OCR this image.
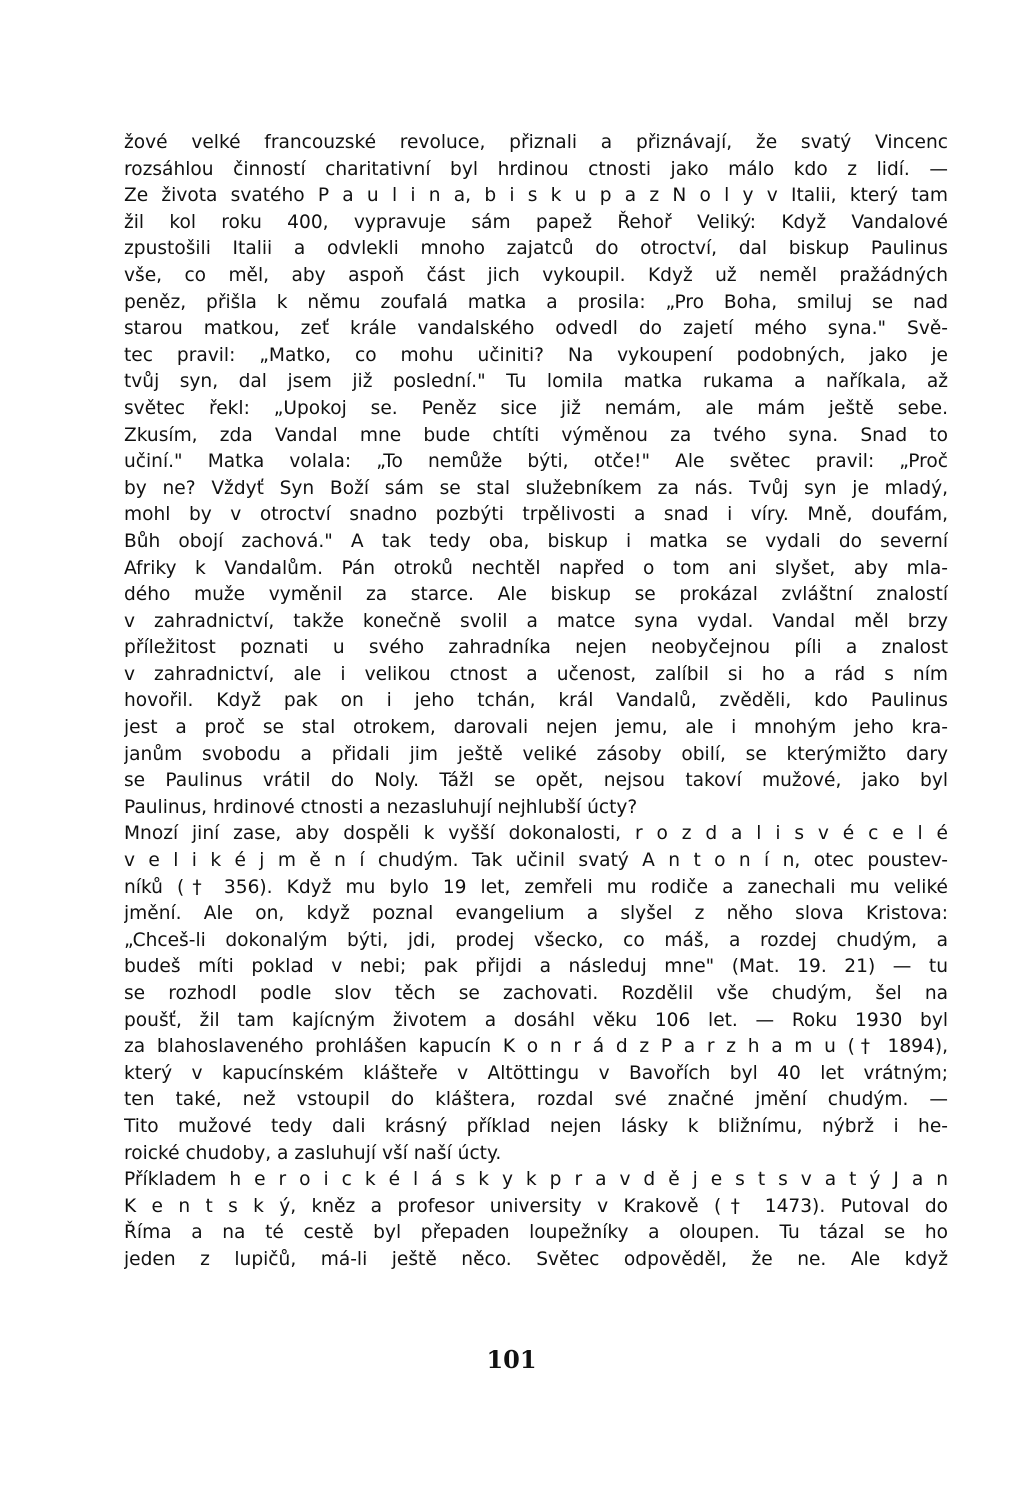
žové velké francouzské revoluce, přiznali a přiznávají, že svatý Vincenc
rozsáhlou činností charitativní byl hrdinou ctnosti jako málo kdo z lidí. —
Ze života svatého P a u l i n a, b i s k u p a z N o l y v Italii, který tam
žil kol roku 400, vypravuje sám papež Řehoř Veliký: Když Vandalové
zpustošili Italii a odvlekli mnoho zajatců do otroctví, dal biskup Paulinus
vše, co měl, aby aspoň část jich vykoupil. Když už neměl pražádných
peněz, přišla k němu zoufalá matka a prosila: „Pro Boha, smiluj se nad
starou matkou, zeť krále vandalského odvedl do zajetí mého syna." Svě-
tec pravil: „Matko, co mohu učiniti? Na vykoupení podobných, jako je
tvůj syn, dal jsem již poslední." Tu lomila matka rukama a naříkala, až
světec řekl: „Upokoj se. Peněz sice již nemám, ale mám ještě sebe.
Zkusím, zda Vandal mne bude chtíti výměnou za tvého syna. Snad to
učiní." Matka volala: „To nemůže býti, otče!" Ale světec pravil: „Proč
by ne? Vždyť Syn Boží sám se stal služebníkem za nás. Tvůj syn je mladý,
mohl by v otroctví snadno pozbýti trpělivosti a snad i víry. Mně, doufám,
Bůh obojí zachová." A tak tedy oba, biskup i matka se vydali do severní
Afriky k Vandalům. Pán otroků nechtěl napřed o tom ani slyšet, aby mla-
dého muže vyměnil za starce. Ale biskup se prokázal zvláštní znalostí
v zahradnictví, takže konečně svolil a matce syna vydal. Vandal měl brzy
příležitost poznati u svého zahradníka nejen neobyčejnou píli a znalost
v zahradnictví, ale i velikou ctnost a učenost, zalíbil si ho a rád s ním
hovořil. Když pak on i jeho tchán, král Vandalů, zvěděli, kdo Paulinus
jest a proč se stal otrokem, darovali nejen jemu, ale i mnohým jeho kra-
janům svobodu a přidali jim ještě veliké zásoby obilí, se kterýmižto dary
se Paulinus vrátil do Noly. Tážl se opět, nejsou takoví mužové, jako byl
Paulinus, hrdinové ctnosti a nezasluhují nejhlubší úcty?
Mnozí jiní zase, aby dospěli k vyšší dokonalosti, r o z d a l i s v é c e l é
v e l i k é j m ě n í chudým. Tak učinil svatý A n t o n í n, otec poustev-
níků († 356). Když mu bylo 19 let, zemřeli mu rodiče a zanechali mu veliké
jmění. Ale on, když poznal evangelium a slyšel z něho slova Kristova:
„Chceš-li dokonalým býti, jdi, prodej všecko, co máš, a rozdej chudým, a
budeš míti poklad v nebi; pak přijdi a následuj mne" (Mat. 19. 21) — tu
se rozhodl podle slov těch se zachovati. Rozdělil vše chudým, šel na
poušť, žil tam kajícným životem a dosáhl věku 106 let. — Roku 1930 byl
za blahoslaveného prohlášen kapucín K o n r á d z P a r z h a m u († 1894),
který v kapucínském klášteře v Altöttingu v Bavořích byl 40 let vrátným;
ten také, než vstoupil do kláštera, rozdal své značné jmění chudým. —
Tito mužové tedy dali krásný příklad nejen lásky k bližnímu, nýbrž i he-
roické chudoby, a zasluhují vší naší úcty.
Příkladem h e r o i c k é l á s k y k p r a v d ě j e s t s v a t ý J a n
K e n t s k ý, kněz a profesor university v Krakově († 1473). Putoval do
Říma a na té cestě byl přepaden loupežníky a oloupen. Tu tázal se ho
jeden z lupičů, má-li ještě něco. Světec odpověděl, že ne. Ale když
101
